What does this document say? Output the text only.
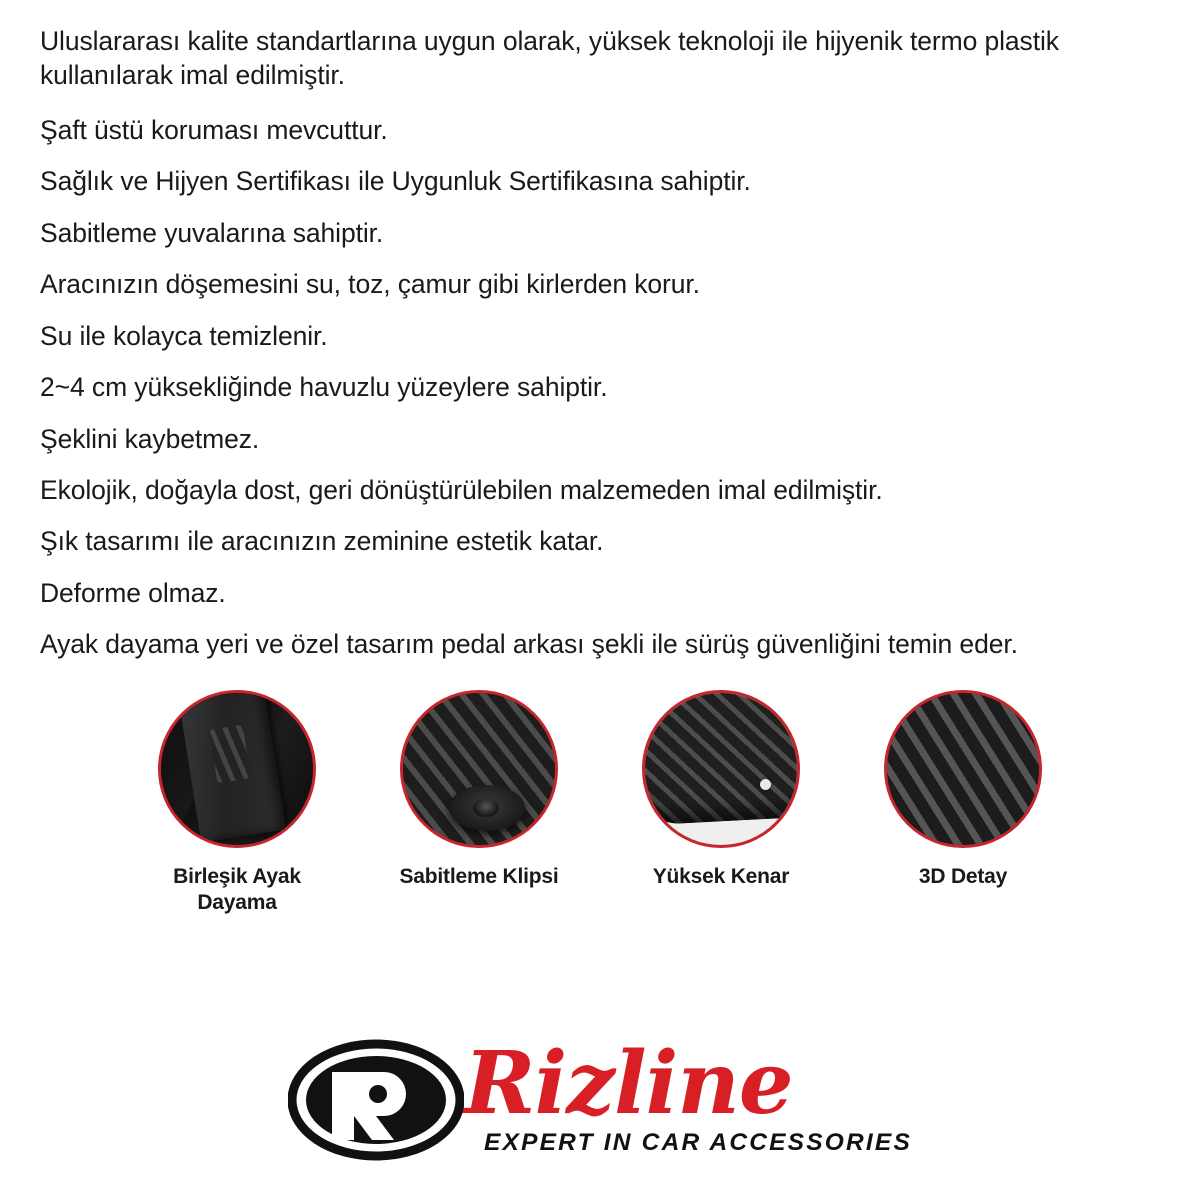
Uluslararası kalite standartlarına uygun olarak, yüksek teknoloji ile hijyenik termo plastik kullanılarak imal edilmiştir.
Şaft üstü koruması mevcuttur.
Sağlık ve Hijyen Sertifikası ile Uygunluk Sertifikasına sahiptir.
Sabitleme yuvalarına sahiptir.
Aracınızın döşemesini su, toz, çamur gibi kirlerden korur.
Su ile kolayca temizlenir.
2~4 cm yüksekliğinde havuzlu yüzeylere sahiptir.
Şeklini kaybetmez.
Ekolojik, doğayla dost, geri dönüştürülebilen malzemeden imal edilmiştir.
Şık tasarımı ile aracınızın zeminine estetik katar.
Deforme olmaz.
Ayak dayama yeri ve özel tasarım pedal arkası şekli ile sürüş güvenliğini temin eder.
Birleşik Ayak Dayama
Sabitleme Klipsi	Yüksek Kenar	3D Detay
Rizline
EXPERT IN CAR ACCESSORIES
